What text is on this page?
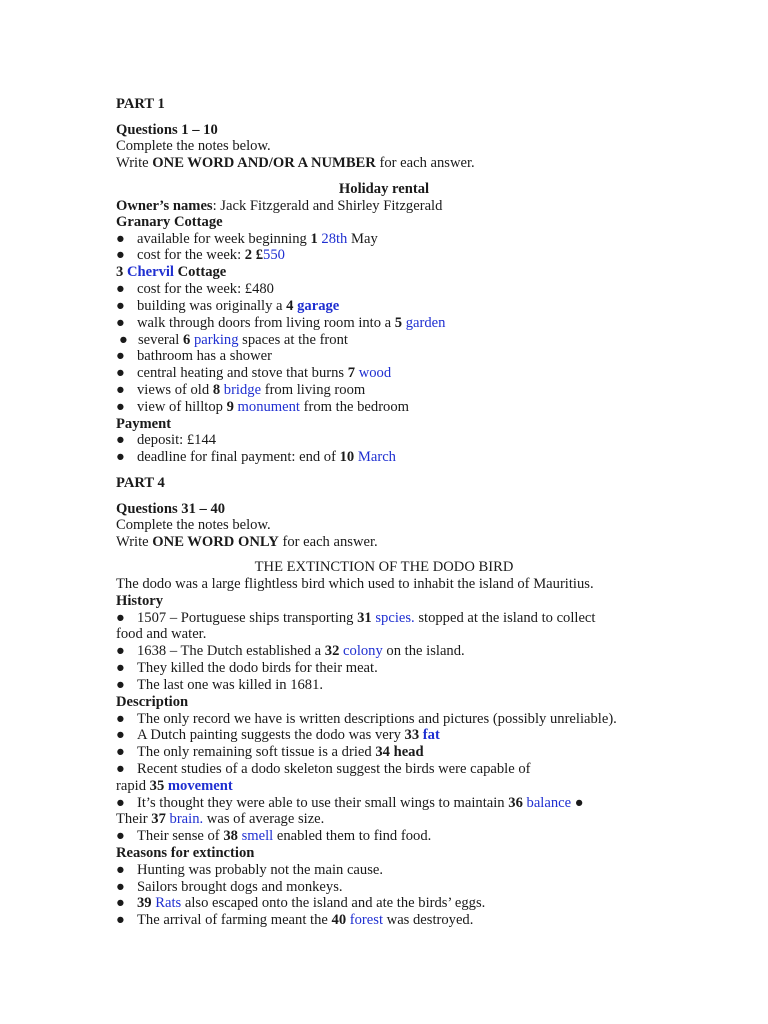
PART 1
Questions 1 – 10
Complete the notes below.
Write ONE WORD AND/OR A NUMBER for each answer.
Holiday rental
Owner’s names: Jack Fitzgerald and Shirley Fitzgerald
Granary Cottage
● available for week beginning 1 28th May
● cost for the week: 2 £550
3 Chervil Cottage
● cost for the week: £480
● building was originally a 4 garage
● walk through doors from living room into a 5 garden
● several 6 parking spaces at the front
● bathroom has a shower
● central heating and stove that burns 7 wood
● views of old 8 bridge from living room
● view of hilltop 9 monument from the bedroom
Payment
● deposit: £144
● deadline for final payment: end of 10 March
PART 4
Questions 31 – 40
Complete the notes below.
Write ONE WORD ONLY for each answer.
THE EXTINCTION OF THE DODO BIRD
The dodo was a large flightless bird which used to inhabit the island of Mauritius.
History
● 1507 – Portuguese ships transporting 31 spcies. stopped at the island to collect
food and water.
● 1638 – The Dutch established a 32 colony on the island.
● They killed the dodo birds for their meat.
● The last one was killed in 1681.
Description
● The only record we have is written descriptions and pictures (possibly unreliable).
● A Dutch painting suggests the dodo was very 33 fat
● The only remaining soft tissue is a dried 34 head
● Recent studies of a dodo skeleton suggest the birds were capable of
rapid 35 movement
● It’s thought they were able to use their small wings to maintain 36 balance ●
Their 37 brain. was of average size.
● Their sense of 38 smell enabled them to find food.
Reasons for extinction
● Hunting was probably not the main cause.
● Sailors brought dogs and monkeys.
● 39 Rats also escaped onto the island and ate the birds’ eggs.
● The arrival of farming meant the 40 forest was destroyed.
